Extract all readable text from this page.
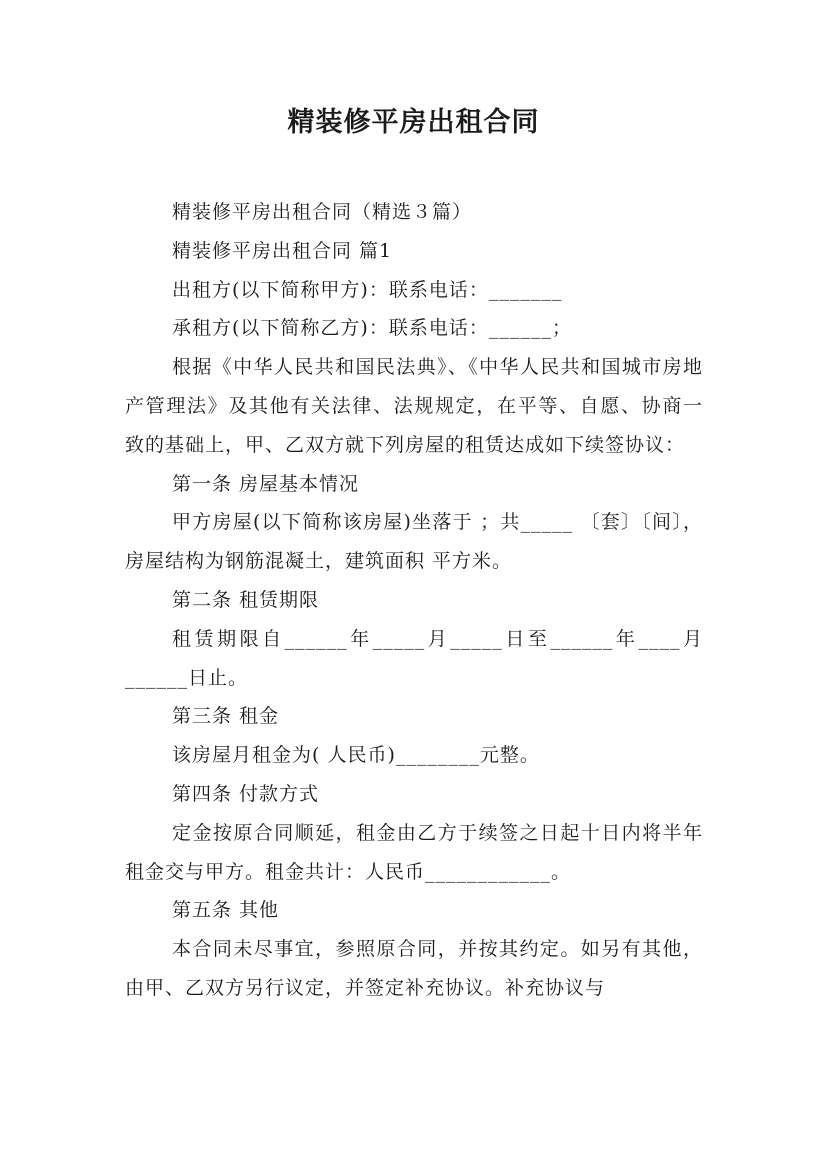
精装修平房出租合同

精装修平房出租合同（精选３篇）

精装修平房出租合同 篇1

出租方(以下简称甲方)：联系电话：_______

承租方(以下简称乙方)：联系电话：______；

根据《中华人民共和国民法典》、《中华人民共和国城市房地产管理法》及其他有关法律、法规规定，在平等、自愿、协商一致的基础上，甲、乙双方就下列房屋的租赁达成如下续签协议：

第一条 房屋基本情况

甲方房屋(以下简称该房屋)坐落于 ；共_____ 〔套〕〔间〕，房屋结构为钢筋混凝土，建筑面积 平方米。

第二条 租赁期限

租赁期限自______年_____月_____日至______年____月______日止。

第三条 租金

该房屋月租金为( 人民币)________元整。

第四条 付款方式

定金按原合同顺延，租金由乙方于续签之日起十日内将半年租金交与甲方。租金共计：人民币____________。

第五条 其他

本合同未尽事宜，参照原合同，并按其约定。如另有其他，由甲、乙双方另行议定，并签定补充协议。补充协议与
